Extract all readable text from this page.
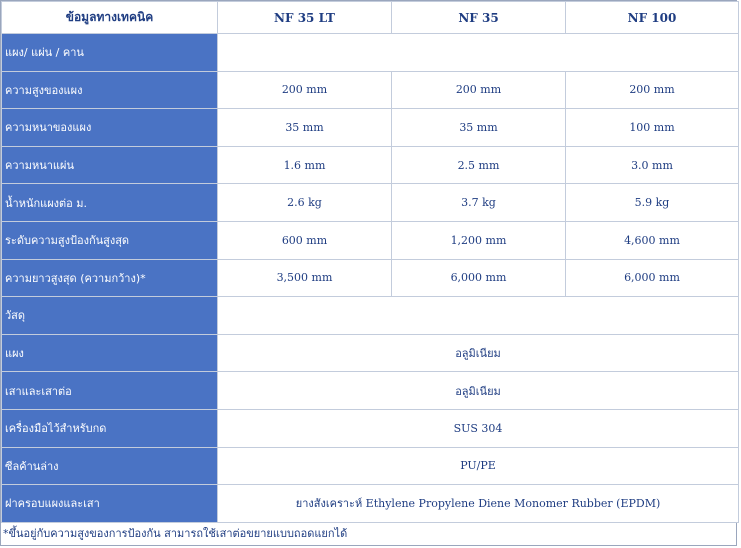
ข้อมูลทางเทคนิค	NF 35 LT	NF 35	NF 100
แผง/ แผ่น / คาน			
ความสูงของแผง	200 mm	200 mm	200 mm
ความหนาของแผง	35 mm	35 mm	100 mm
ความหนาแผ่น	1.6 mm	2.5 mm	3.0 mm
น้ำหนักแผงต่อ ม.	2.6 kg	3.7 kg	5.9 kg
ระดับความสูงป้องกันสูงสุด	600 mm	1,200 mm	4,600 mm
ความยาวสูงสุด (ความกว้าง)*	3,500 mm	6,000 mm	6,000 mm
วัสดุ			
แผง	อลูมิเนียม		
เสาและเสาต่อ	อลูมิเนียม		
เครื่องมือไว้สำหรับกด	SUS 304		
ซีลค้านล่าง	PU/PE		
ฝาครอบแผงและเสา	ยางสังเคราะห์ Ethylene Propylene Diene Monomer Rubber (EPDM)		
*ขึ้นอยู่กับความสูงของการป้องกัน สามารถใช้เสาต่อขยายแบบถอดแยกได้
